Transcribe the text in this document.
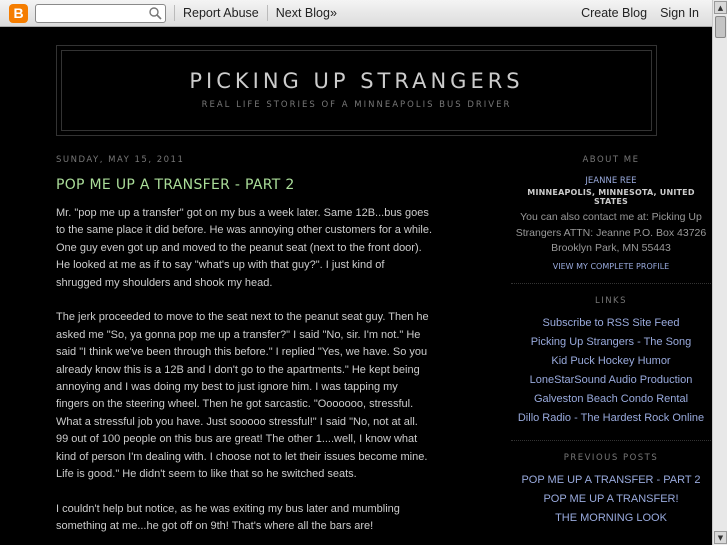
B	Report Abuse Next Blog»	Create Blog Sign In	▲
▼
PICKING UP STRANGERS
REAL LIFE STORIES OF A MINNEAPOLIS BUS DRIVER
SUNDAY, MAY 15, 2011
POP ME UP A TRANSFER - PART 2

Mr. "pop me up a transfer" got on my bus a week later. Same 12B...bus goes to the same place it did before. He was annoying other customers for a while. One guy even got up and moved to the peanut seat (next to the front door). He looked at me as if to say "what's up with that guy?". I just kind of shrugged my shoulders and shook my head.

The jerk proceeded to move to the seat next to the peanut seat guy. Then he asked me "So, ya gonna pop me up a transfer?" I said "No, sir. I'm not." He said "I think we've been through this before." I replied "Yes, we have. So you already know this is a 12B and I don't go to the apartments." He kept being annoying and I was doing my best to just ignore him. I was tapping my fingers on the steering wheel. Then he got sarcastic. "Ooooooo, stressful. What a stressful job you have. Just sooooo stressful!" I said "No, not at all. 99 out of 100 people on this bus are great! The other 1....well, I know what kind of person I'm dealing with. I choose not to let their issues become mine. Life is good." He didn't seem to like that so he switched seats.

I couldn't help but notice, as he was exiting my bus later and mumbling something at me...he got off on 9th! That's where all the bars are!

ABOUT ME
JEANNE REE
MINNEAPOLIS, MINNESOTA, UNITED STATES
You can also contact me at: Picking Up Strangers ATTN: Jeanne P.O. Box 43726 Brooklyn Park, MN 55443
VIEW MY COMPLETE PROFILE
LINKS
Subscribe to RSS Site Feed
Picking Up Strangers - The Song
Kid Puck Hockey Humor
LoneStarSound Audio Production
Galveston Beach Condo Rental
Dillo Radio - The Hardest Rock Online
PREVIOUS POSTS
POP ME UP A TRANSFER - PART 2
POP ME UP A TRANSFER!
THE MORNING LOOK
